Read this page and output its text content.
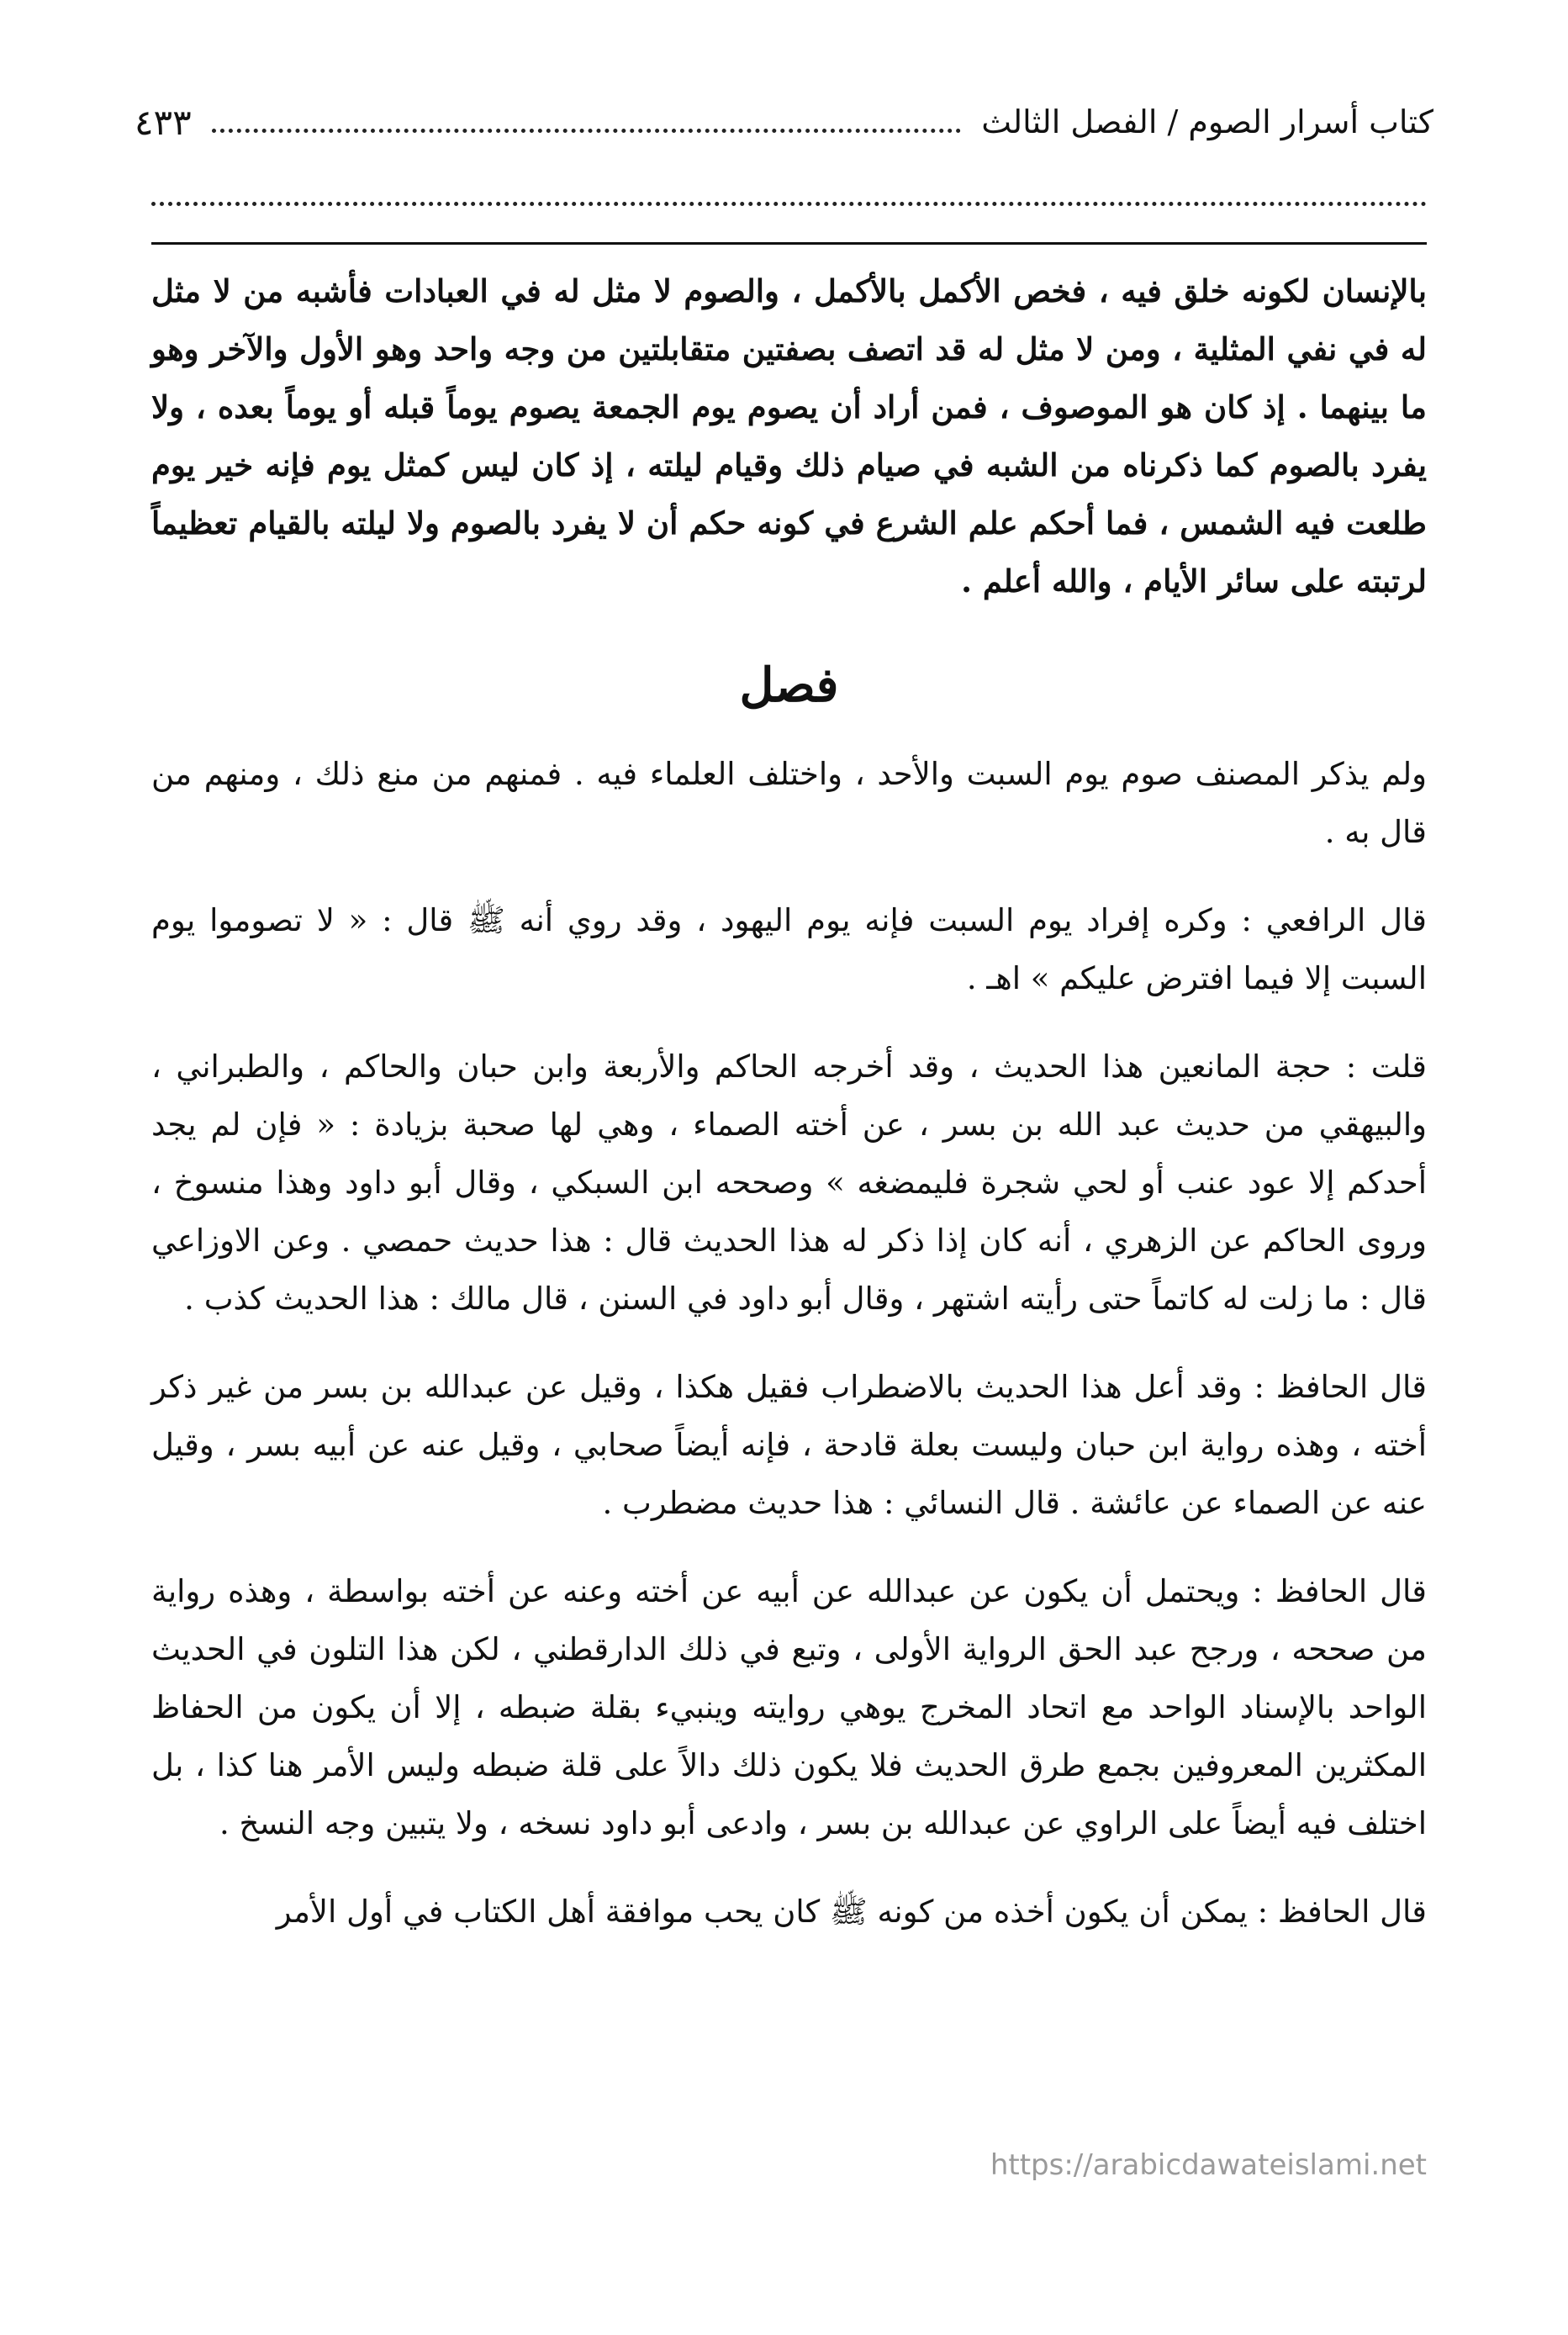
كتاب أسرار الصوم / الفصل الثالث
٤٣٣

بالإنسان لكونه خلق فيه ، فخص الأكمل بالأكمل ، والصوم لا مثل له في العبادات فأشبه من لا مثل له في نفي المثلية ، ومن لا مثل له قد اتصف بصفتين متقابلتين من وجه واحد وهو الأول والآخر وهو ما بينهما . إذ كان هو الموصوف ، فمن أراد أن يصوم يوم الجمعة يصوم يوماً قبله أو يوماً بعده ، ولا يفرد بالصوم كما ذكرناه من الشبه في صيام ذلك وقيام ليلته ، إذ كان ليس كمثل يوم فإنه خير يوم طلعت فيه الشمس ، فما أحكم علم الشرع في كونه حكم أن لا يفرد بالصوم ولا ليلته بالقيام تعظيماً لرتبته على سائر الأيام ، والله أعلم .

فصل

ولم يذكر المصنف صوم يوم السبت والأحد ، واختلف العلماء فيه . فمنهم من منع ذلك ، ومنهم من قال به .

قال الرافعي : وكره إفراد يوم السبت فإنه يوم اليهود ، وقد روي أنه ﷺ قال : « لا تصوموا يوم السبت إلا فيما افترض عليكم » اهـ .

قلت : حجة المانعين هذا الحديث ، وقد أخرجه الحاكم والأربعة وابن حبان والحاكم ، والطبراني ، والبيهقي من حديث عبد الله بن بسر ، عن أخته الصماء ، وهي لها صحبة بزيادة : « فإن لم يجد أحدكم إلا عود عنب أو لحي شجرة فليمضغه » وصححه ابن السبكي ، وقال أبو داود وهذا منسوخ ، وروى الحاكم عن الزهري ، أنه كان إذا ذكر له هذا الحديث قال : هذا حديث حمصي . وعن الاوزاعي قال : ما زلت له كاتماً حتى رأيته اشتهر ، وقال أبو داود في السنن ، قال مالك : هذا الحديث كذب .

قال الحافظ : وقد أعل هذا الحديث بالاضطراب فقيل هكذا ، وقيل عن عبدالله بن بسر من غير ذكر أخته ، وهذه رواية ابن حبان وليست بعلة قادحة ، فإنه أيضاً صحابي ، وقيل عنه عن أبيه بسر ، وقيل عنه عن الصماء عن عائشة . قال النسائي : هذا حديث مضطرب .

قال الحافظ : ويحتمل أن يكون عن عبدالله عن أبيه عن أخته وعنه عن أخته بواسطة ، وهذه رواية من صححه ، ورجح عبد الحق الرواية الأولى ، وتبع في ذلك الدارقطني ، لكن هذا التلون في الحديث الواحد بالإسناد الواحد مع اتحاد المخرج يوهي روايته وينبيء بقلة ضبطه ، إلا أن يكون من الحفاظ المكثرين المعروفين بجمع طرق الحديث فلا يكون ذلك دالاً على قلة ضبطه وليس الأمر هنا كذا ، بل اختلف فيه أيضاً على الراوي عن عبدالله بن بسر ، وادعى أبو داود نسخه ، ولا يتبين وجه النسخ .

قال الحافظ : يمكن أن يكون أخذه من كونه ﷺ كان يحب موافقة أهل الكتاب في أول الأمر

https://arabicdawateislami.net
